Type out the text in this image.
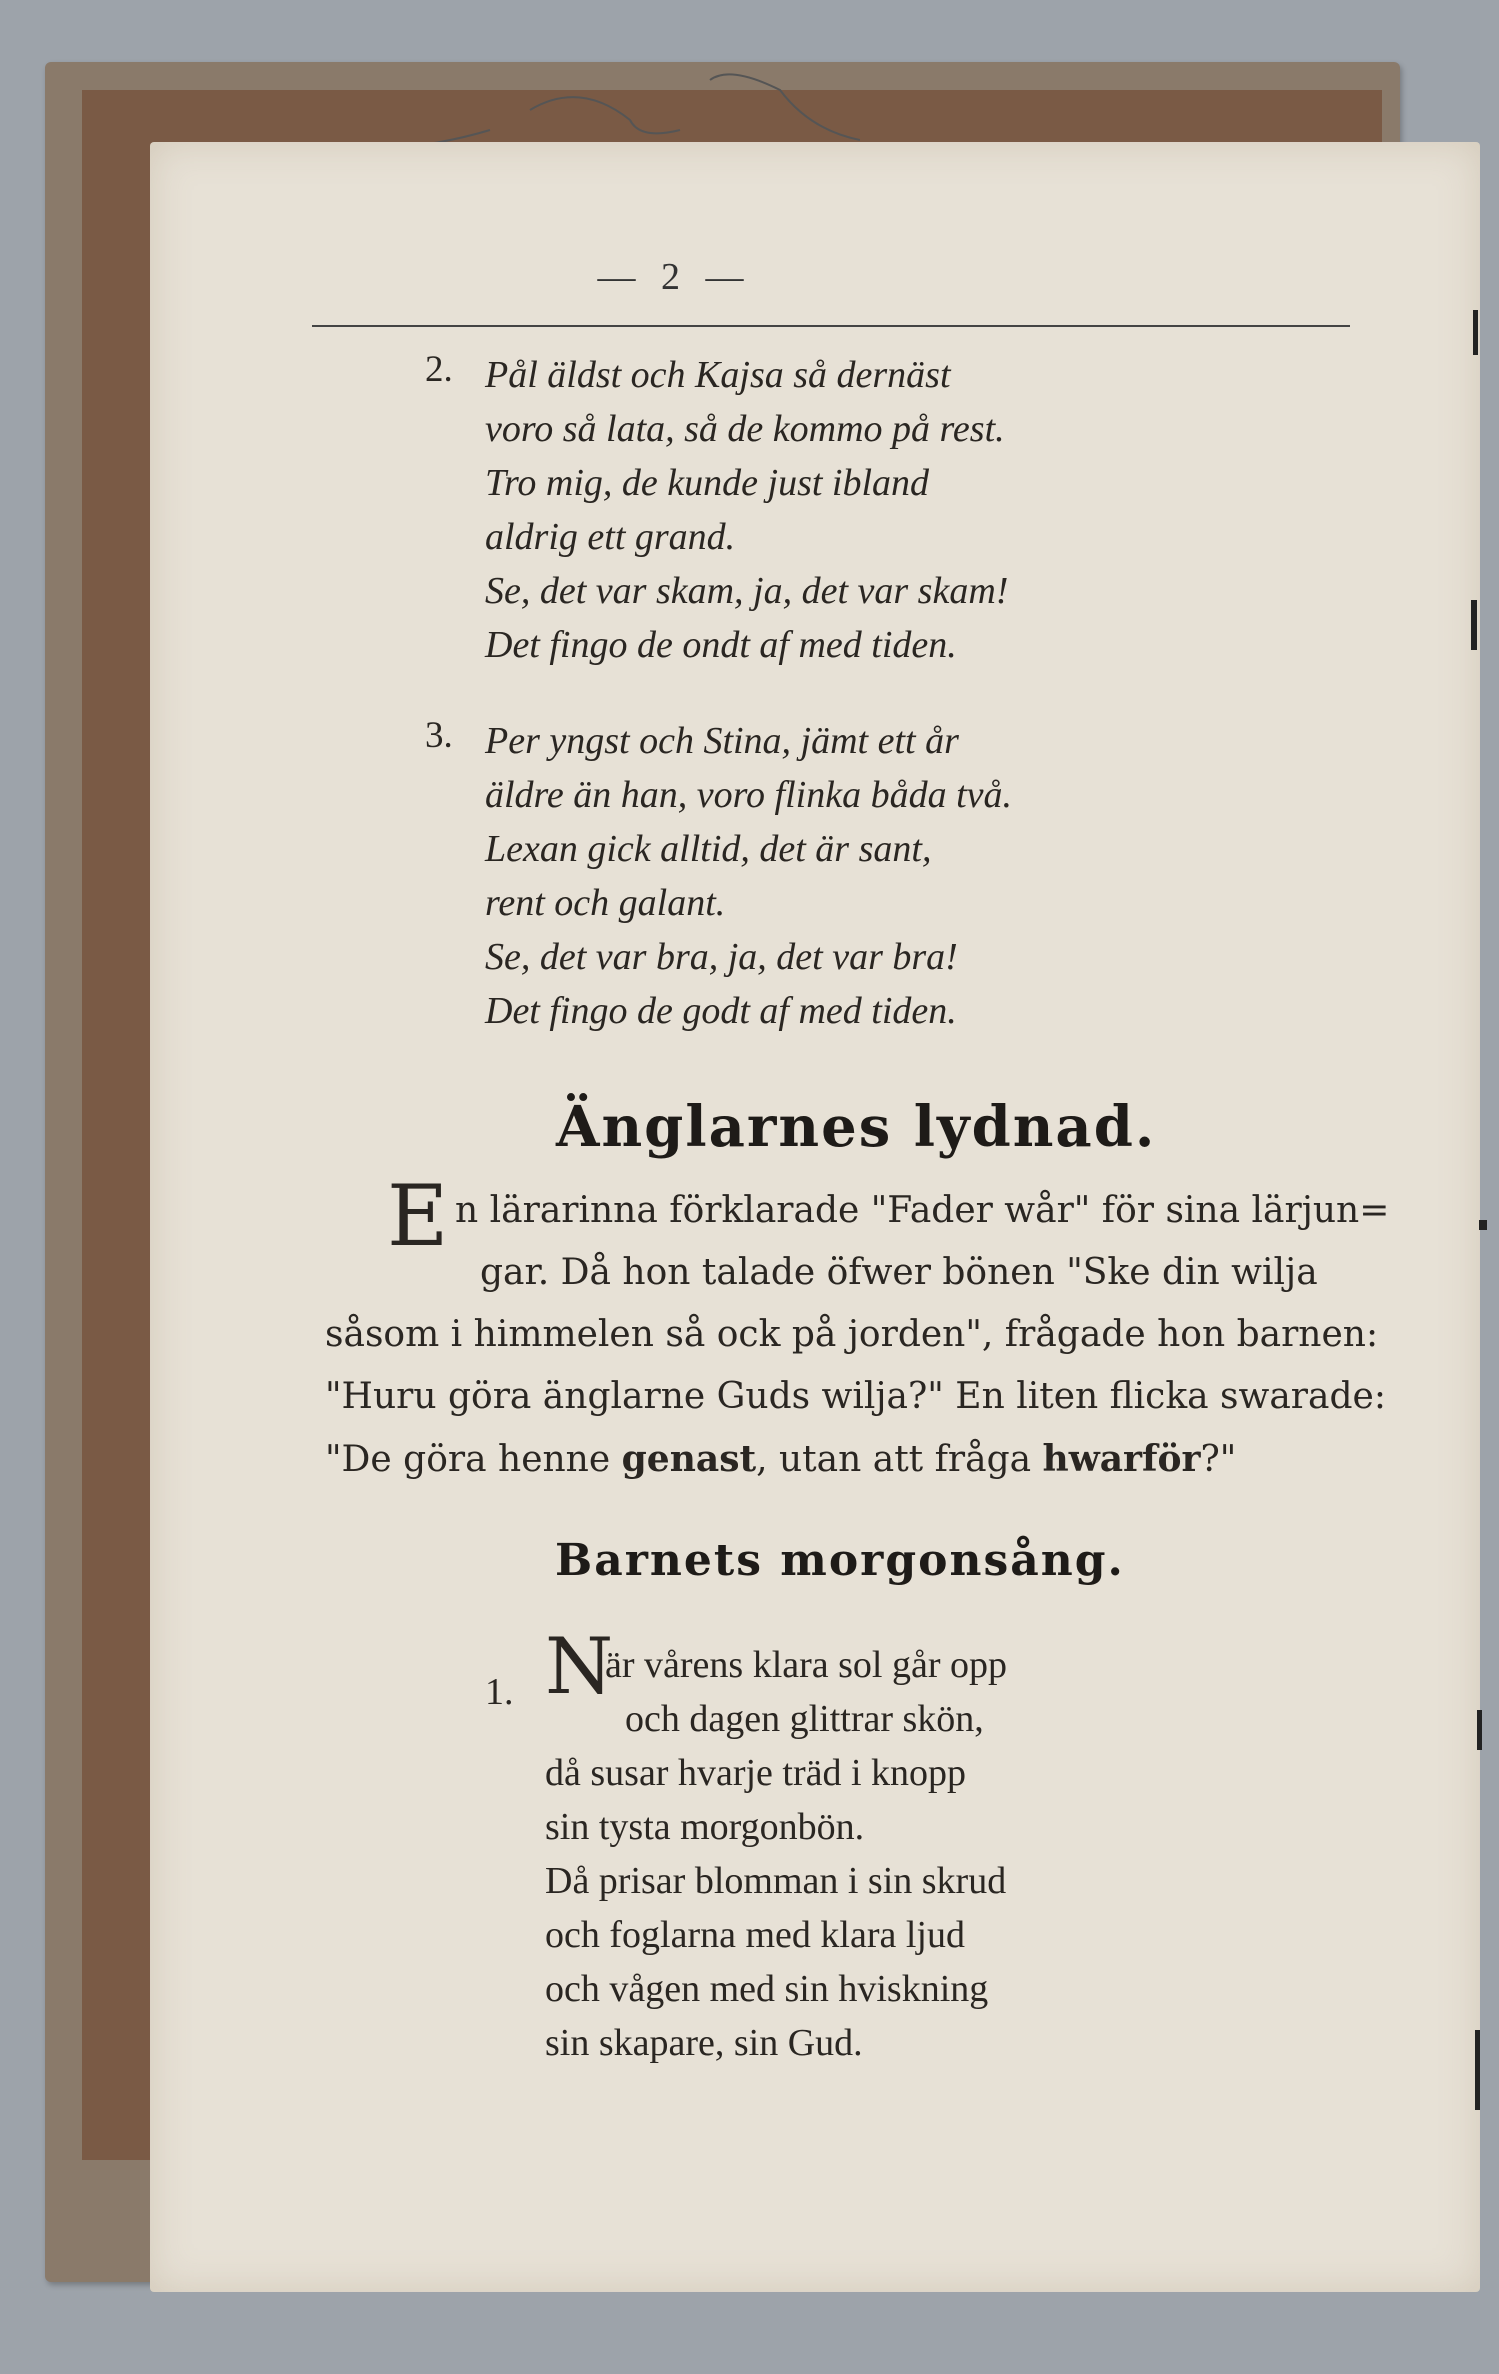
— 2 —
2. Pål äldst och Kajsa så dernäst
voro så lata, så de kommo på rest.
Tro mig, de kunde just ibland
aldrig ett grand.
Se, det var skam, ja, det var skam!
Det fingo de ondt af med tiden.
3. Per yngst och Stina, jämt ett år
äldre än han, voro flinka båda två.
Lexan gick alltid, det är sant,
rent och galant.
Se, det var bra, ja, det var bra!
Det fingo de godt af med tiden.
Änglarnes lydnad.
E n lärarinna förklarade "Fader wår" för sina lärjun=
gar. Då hon talade öfwer bönen "Ske din wilja
såsom i himmelen så ock på jorden", frågade hon barnen:
"Huru göra änglarne Guds wilja?" En liten flicka swarade:
"De göra henne genast, utan att fråga hwarför?"
Barnets morgonsång.
1. N
är vårens klara sol går opp
och dagen glittrar skön,
då susar hvarje träd i knopp
sin tysta morgonbön.
Då prisar blomman i sin skrud
och foglarna med klara ljud
och vågen med sin hviskning
sin skapare, sin Gud.
